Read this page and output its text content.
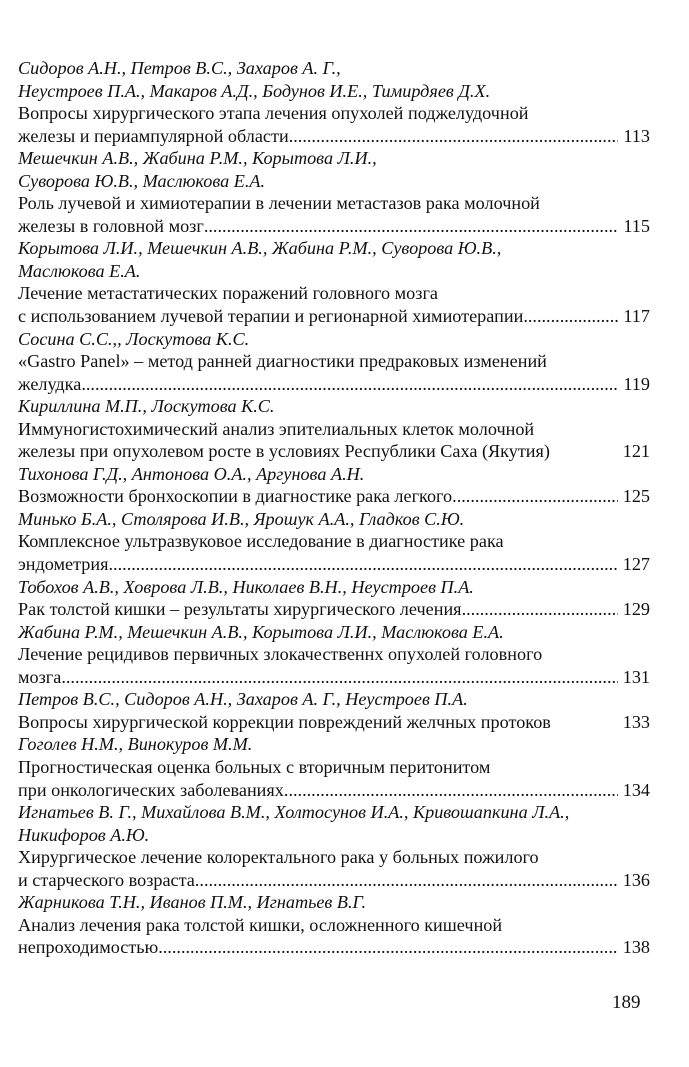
Сидоров А.Н., Петров В.С., Захаров А. Г.,
Неустроев П.А., Макаров А.Д., Бодунов И.Е., Тимирдяев Д.Х.
Вопросы хирургического этапа лечения опухолей поджелудочной
железы и периампулярной области .....	113
Мешечкин А.В., Жабина Р.М., Корытова Л.И.,
Суворова Ю.В., Маслюкова Е.А.
Роль лучевой и химиотерапии в лечении метастазов рака молочной
железы в головной мозг .....	115
Корытова Л.И., Мешечкин А.В., Жабина Р.М., Суворова Ю.В.,
Маслюкова Е.А.
Лечение метастатических поражений головного мозга
с использованием лучевой терапии и регионарной химиотерапии .....	117
Сосина С.С.,, Лоскутова К.С.
«Gastro Panel» – метод ранней диагностики предраковых изменений
желудка .....	119
Кириллина М.П., Лоскутова К.С.
Иммуногистохимический анализ эпителиальных клеток молочной
железы при опухолевом росте в условиях Республики Саха (Якутия)	121
Тихонова Г.Д., Антонова О.А., Аргунова А.Н.
Возможности бронхоскопии в диагностике рака легкого .....	125
Минько Б.А., Столярова И.В., Ярошук А.А., Гладков С.Ю.
Комплексное ультразвуковое исследование в диагностике рака
эндометрия .....	127
Тобохов А.В., Ховрова Л.В., Николаев В.Н., Неустроев П.А.
Рак толстой кишки – результаты хирургического лечения .....	129
Жабина Р.М., Мешечкин А.В., Корытова Л.И., Маслюкова Е.А.
Лечение рецидивов первичных злокачественнх опухолей головного
мозга .....	131
Петров В.С., Сидоров А.Н., Захаров А. Г., Неустроев П.А.
Вопросы хирургической коррекции повреждений желчных протоков	133
Гоголев Н.М., Винокуров М.М.
Прогностическая оценка больных с вторичным перитонитом
при онкологических заболеваниях .....	134
Игнатьев В. Г., Михайлова В.М., Холтосунов И.А., Кривошапкина Л.А.,
Никифоров А.Ю.
Хирургическое лечение колоректального рака у больных пожилого
и старческого возраста .....	136
Жарникова Т.Н., Иванов П.М., Игнатьев В.Г.
Анализ лечения рака толстой кишки, осложненного кишечной
непроходимостью .....	138
189
